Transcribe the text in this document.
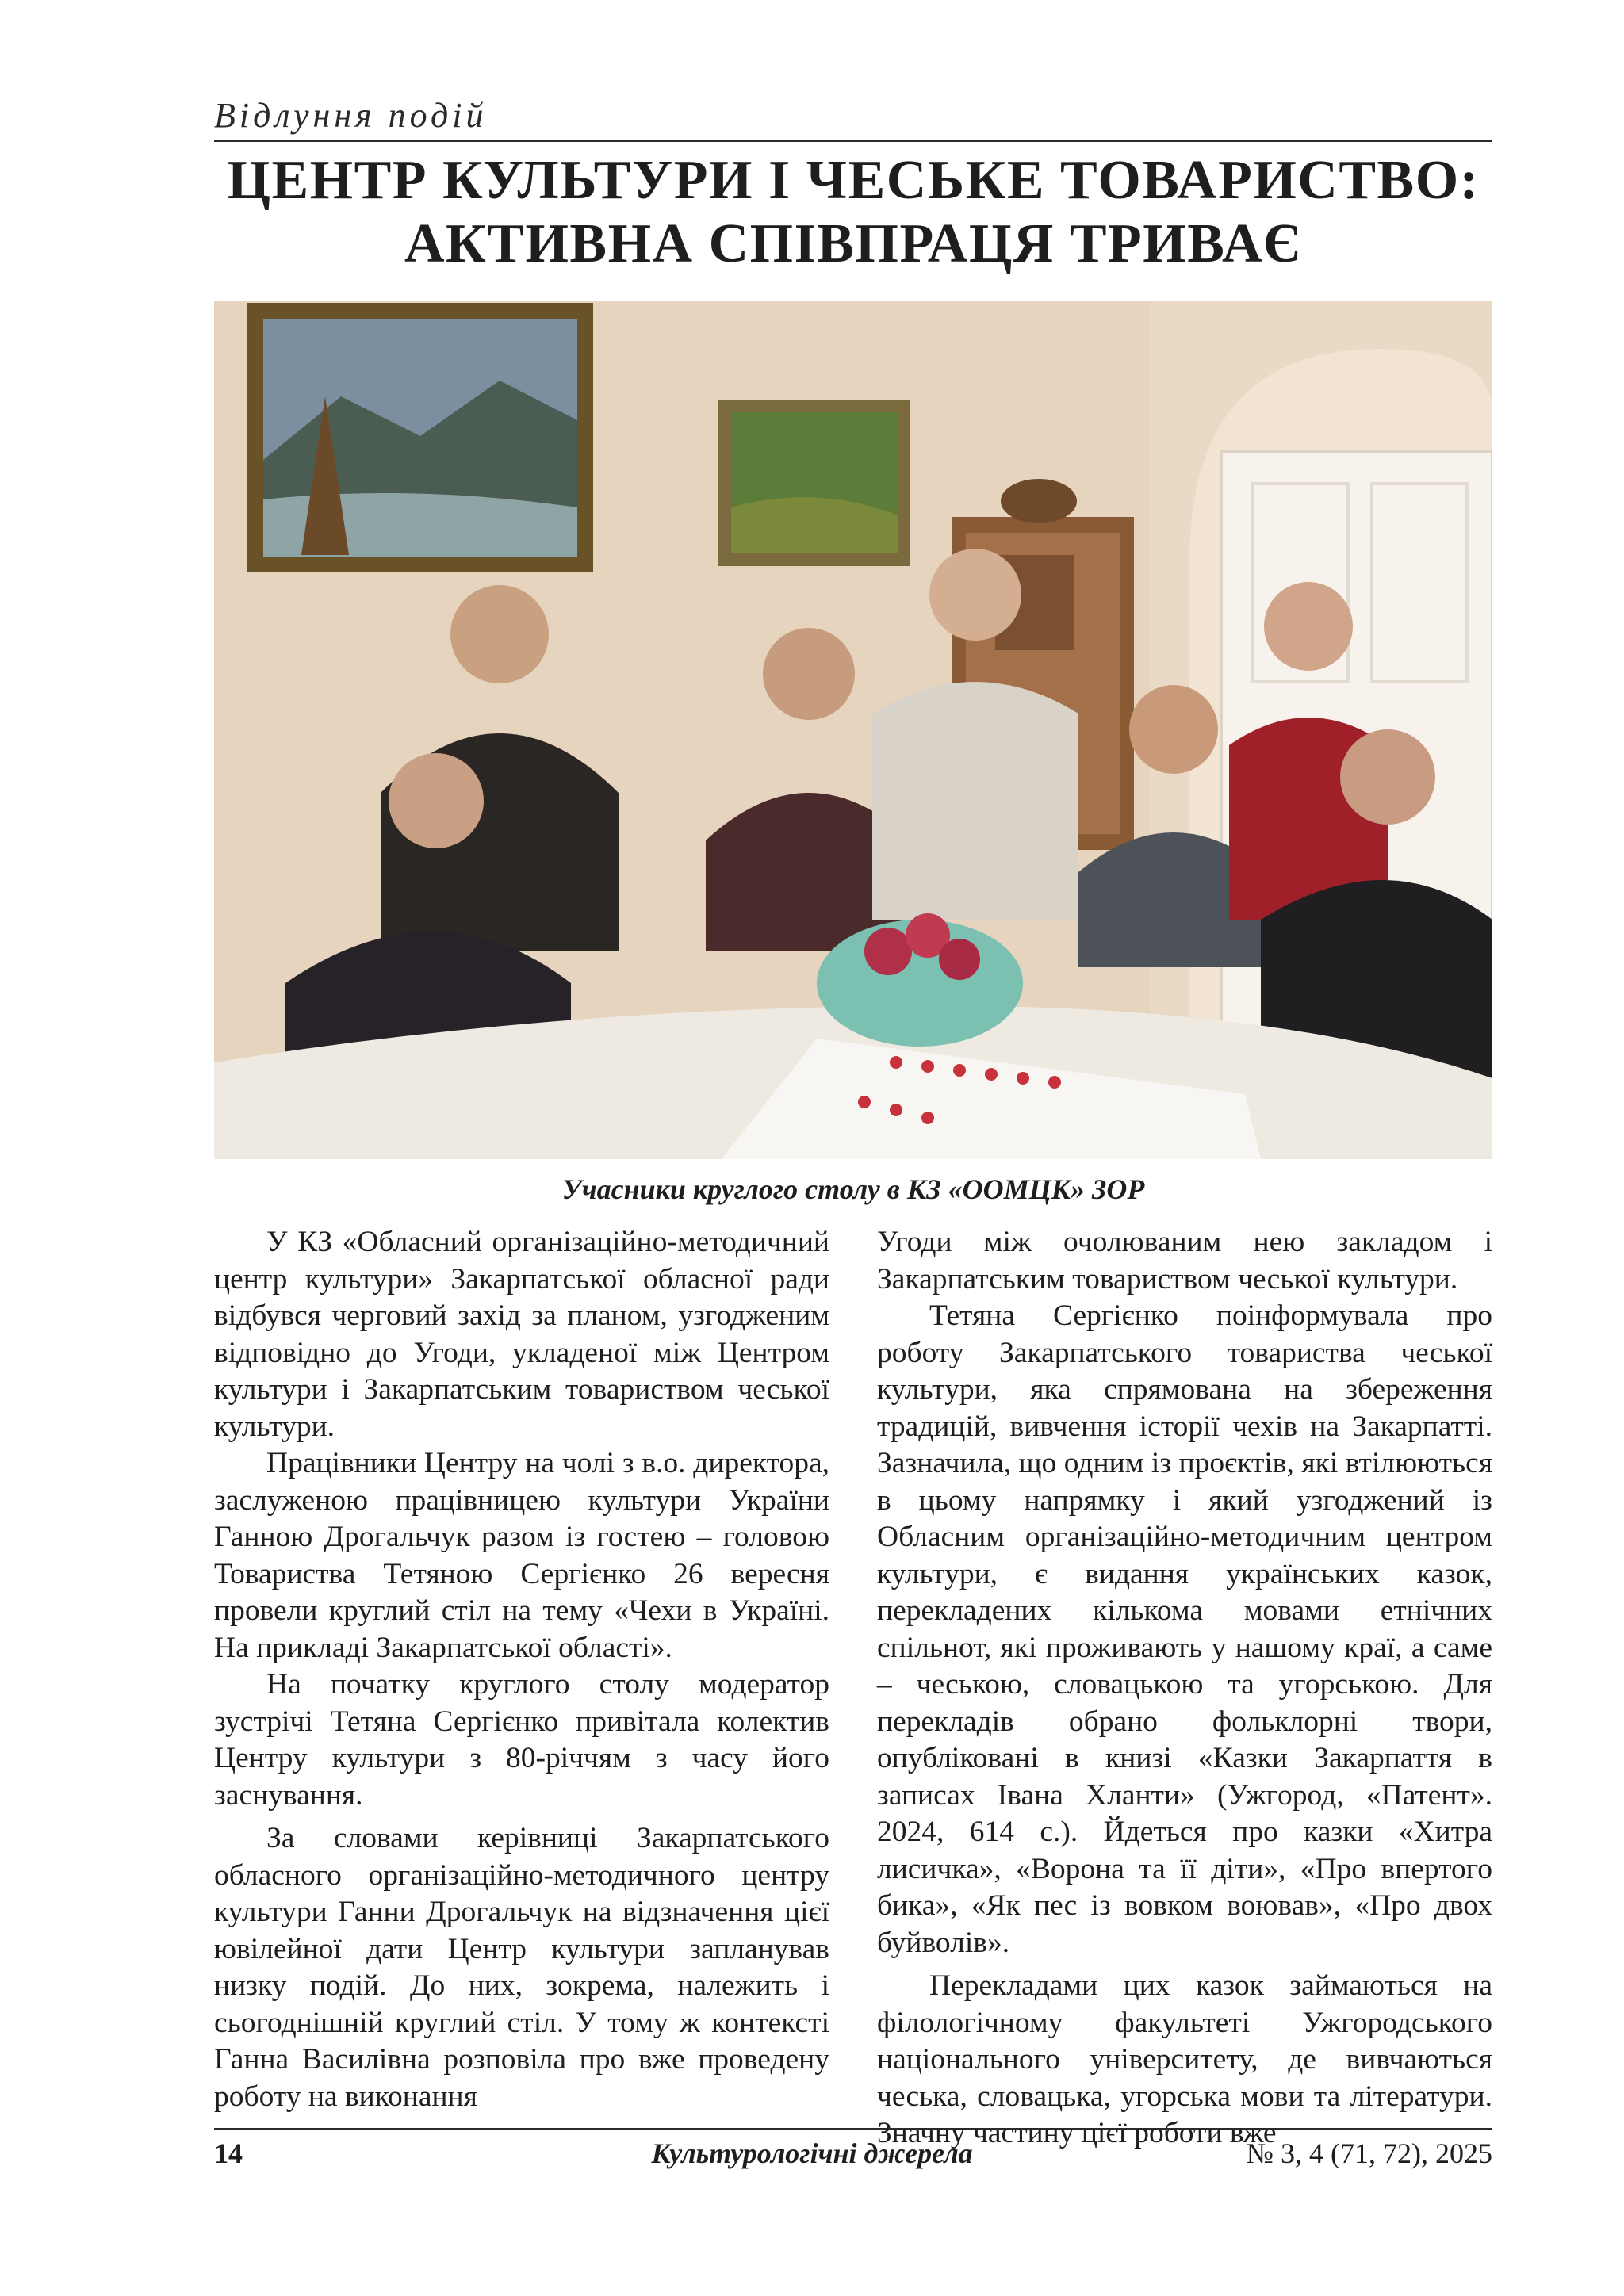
Відлуння подій
ЦЕНТР КУЛЬТУРИ І ЧЕСЬКЕ ТОВАРИСТВО:
АКТИВНА СПІВПРАЦЯ ТРИВАЄ
Учасники круглого столу в КЗ «ООМЦК» ЗОР

У КЗ «Обласний організаційно-методичний центр культури» Закарпатської обласної ради відбувся черговий захід за планом, узгодженим відповідно до Угоди, укладеної між Центром культури і Закарпатським товариством чеської культури.

Працівники Центру на чолі з в.о. директора, заслуженою працівницею культури України Ганною Дрогальчук разом із гостею – головою Товариства Тетяною Сергієнко 26 вересня провели круглий стіл на тему «Чехи в Україні. На прикладі Закарпатської області».

На початку круглого столу модератор зустрічі Тетяна Сергієнко привітала колектив Центру культури з 80-річчям з часу його заснування.

За словами керівниці Закарпатського обласного організаційно-методичного центру культури Ганни Дрогальчук на відзначення цієї ювілейної дати Центр культури запланував низку подій. До них, зокрема, належить і сьогоднішній круглий стіл. У тому ж контексті Ганна Василівна розповіла про вже проведену роботу на виконання

Угоди між очолюваним нею закладом і Закарпатським товариством чеської культури.

Тетяна Сергієнко поінформувала про роботу Закарпатського товариства чеської культури, яка спрямована на збереження традицій, вивчення історії чехів на Закарпатті. Зазначила, що одним із проєктів, які втілюються в цьому напрямку і який узгоджений із Обласним організаційно-методичним центром культури, є видання українських казок, перекладених кількома мовами етнічних спільнот, які проживають у нашому краї, а саме – чеською, словацькою та угорською. Для перекладів обрано фольклорні твори, опубліковані в книзі «Казки Закарпаття в записах Івана Хланти» (Ужгород, «Патент». 2024, 614 с.). Йдеться про казки «Хитра лисичка», «Ворона та її діти», «Про впертого бика», «Як пес із вовком воював», «Про двох буйволів».

Перекладами цих казок займаються на філологічному факультеті Ужгородського національного університету, де вивчаються чеська, словацька, угорська мови та літератури. Значну частину цієї роботи вже

14	Культурологічні джерела	№ 3, 4 (71, 72), 2025
